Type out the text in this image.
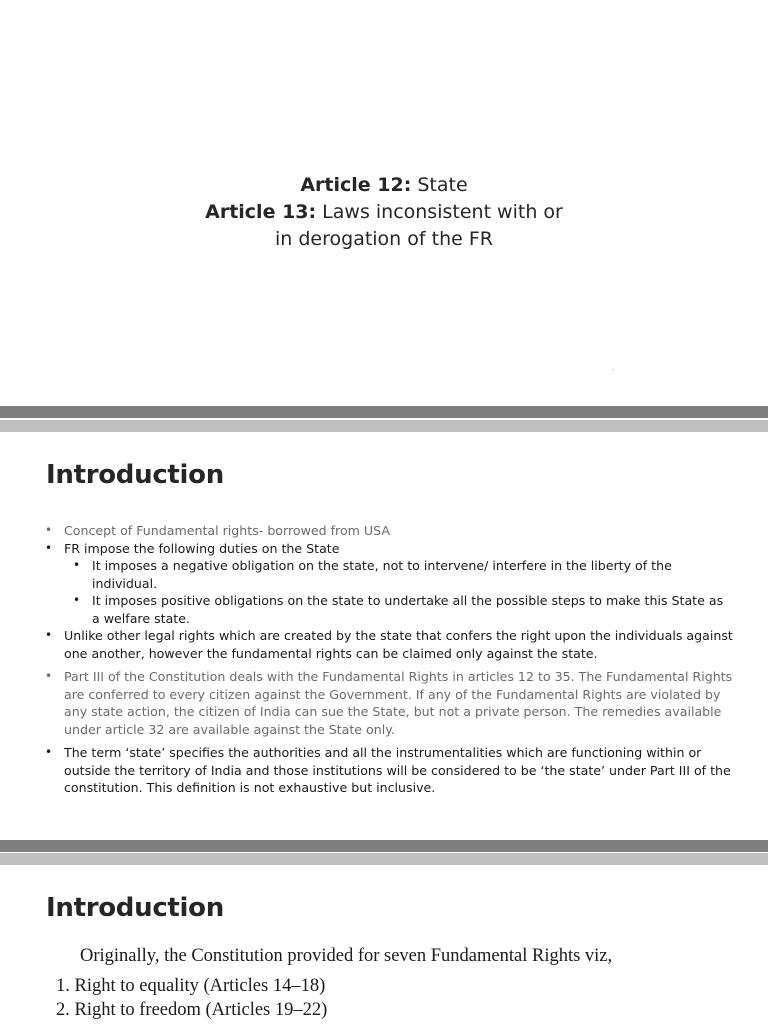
Article 12: State
Article 13: Laws inconsistent with or
in derogation of the FR
-
Introduction
• Concept of Fundamental rights- borrowed from USA
• FR impose the following duties on the State
• It imposes a negative obligation on the state, not to intervene/ interfere in the liberty of the individual.
• It imposes positive obligations on the state to undertake all the possible steps to make this State as a welfare state.
• Unlike other legal rights which are created by the state that confers the right upon the individuals against one another, however the fundamental rights can be claimed only against the state.
• Part III of the Constitution deals with the Fundamental Rights in articles 12 to 35. The Fundamental Rights are conferred to every citizen against the Government. If any of the Fundamental Rights are violated by any state action, the citizen of India can sue the State, but not a private person. The remedies available under article 32 are available against the State only.
• The term ‘state’ specifies the authorities and all the instrumentalities which are functioning within or outside the territory of India and those institutions will be considered to be ‘the state’ under Part III of the constitution. This definition is not exhaustive but inclusive.
Introduction
Originally, the Constitution provided for seven Fundamental Rights viz,
1. Right to equality (Articles 14–18)
2. Right to freedom (Articles 19–22)
